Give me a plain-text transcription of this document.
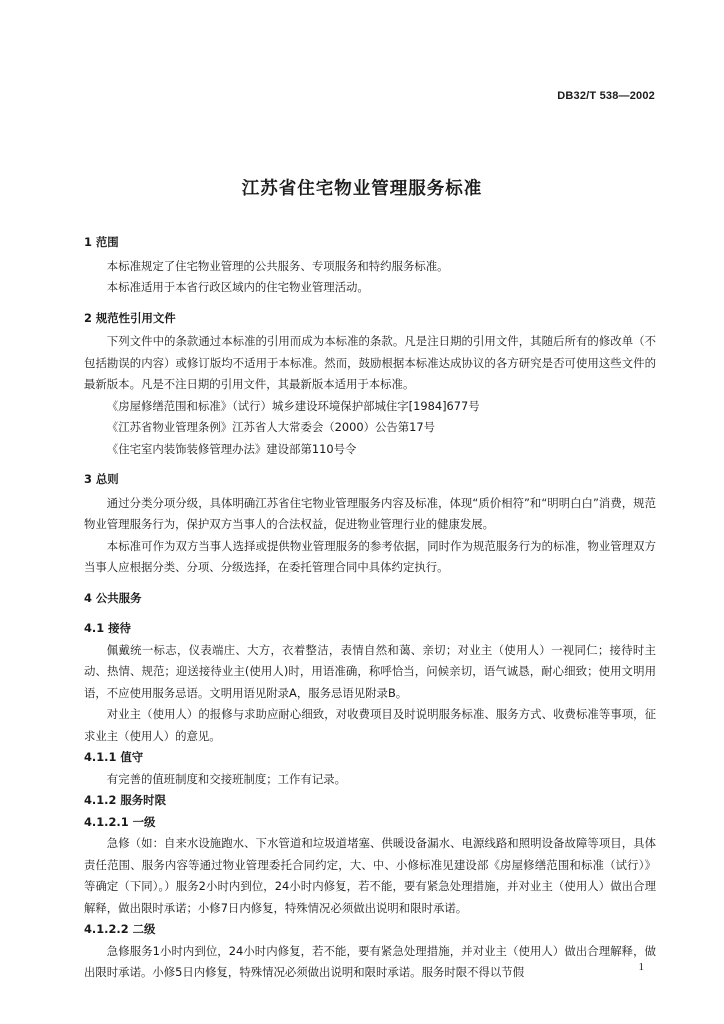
DB32/T 538—2002
江苏省住宅物业管理服务标准
1 范围

本标准规定了住宅物业管理的公共服务、专项服务和特约服务标准。

本标准适用于本省行政区域内的住宅物业管理活动。

2 规范性引用文件

下列文件中的条款通过本标准的引用而成为本标准的条款。凡是注日期的引用文件，其随后所有的修改单（不包括勘误的内容）或修订版均不适用于本标准。然而，鼓励根据本标准达成协议的各方研究是否可使用这些文件的最新版本。凡是不注日期的引用文件，其最新版本适用于本标准。

《房屋修缮范围和标准》（试行）城乡建设环境保护部城住字[1984]677号

《江苏省物业管理条例》江苏省人大常委会（2000）公告第17号

《住宅室内装饰装修管理办法》建设部第110号令

3 总则

通过分类分项分级，具体明确江苏省住宅物业管理服务内容及标准，体现“质价相符”和“明明白白”消费，规范物业管理服务行为，保护双方当事人的合法权益，促进物业管理行业的健康发展。

本标准可作为双方当事人选择或提供物业管理服务的参考依据，同时作为规范服务行为的标准，物业管理双方当事人应根据分类、分项、分级选择，在委托管理合同中具体约定执行。

4 公共服务
4.1 接待

佩戴统一标志，仪表端庄、大方，衣着整洁，表情自然和蔼、亲切；对业主（使用人）一视同仁；接待时主动、热情、规范；迎送接待业主(使用人)时，用语准确，称呼恰当，问候亲切，语气诚恳，耐心细致；使用文明用语，不应使用服务忌语。文明用语见附录A，服务忌语见附录B。

对业主（使用人）的报修与求助应耐心细致，对收费项目及时说明服务标准、服务方式、收费标准等事项，征求业主（使用人）的意见。

4.1.1 值守

有完善的值班制度和交接班制度；工作有记录。

4.1.2 服务时限
4.1.2.1 一级

急修（如：自来水设施跑水、下水管道和垃圾道堵塞、供暖设备漏水、电源线路和照明设备故障等项目，具体责任范围、服务内容等通过物业管理委托合同约定，大、中、小修标准见建设部《房屋修缮范围和标准（试行）》等确定（下同）。）服务2小时内到位，24小时内修复，若不能，要有紧急处理措施，并对业主（使用人）做出合理解释，做出限时承诺；小修7日内修复，特殊情况必须做出说明和限时承诺。

4.1.2.2 二级

急修服务1小时内到位，24小时内修复，若不能，要有紧急处理措施，并对业主（使用人）做出合理解释，做出限时承诺。小修5日内修复，特殊情况必须做出说明和限时承诺。服务时限不得以节假	1
